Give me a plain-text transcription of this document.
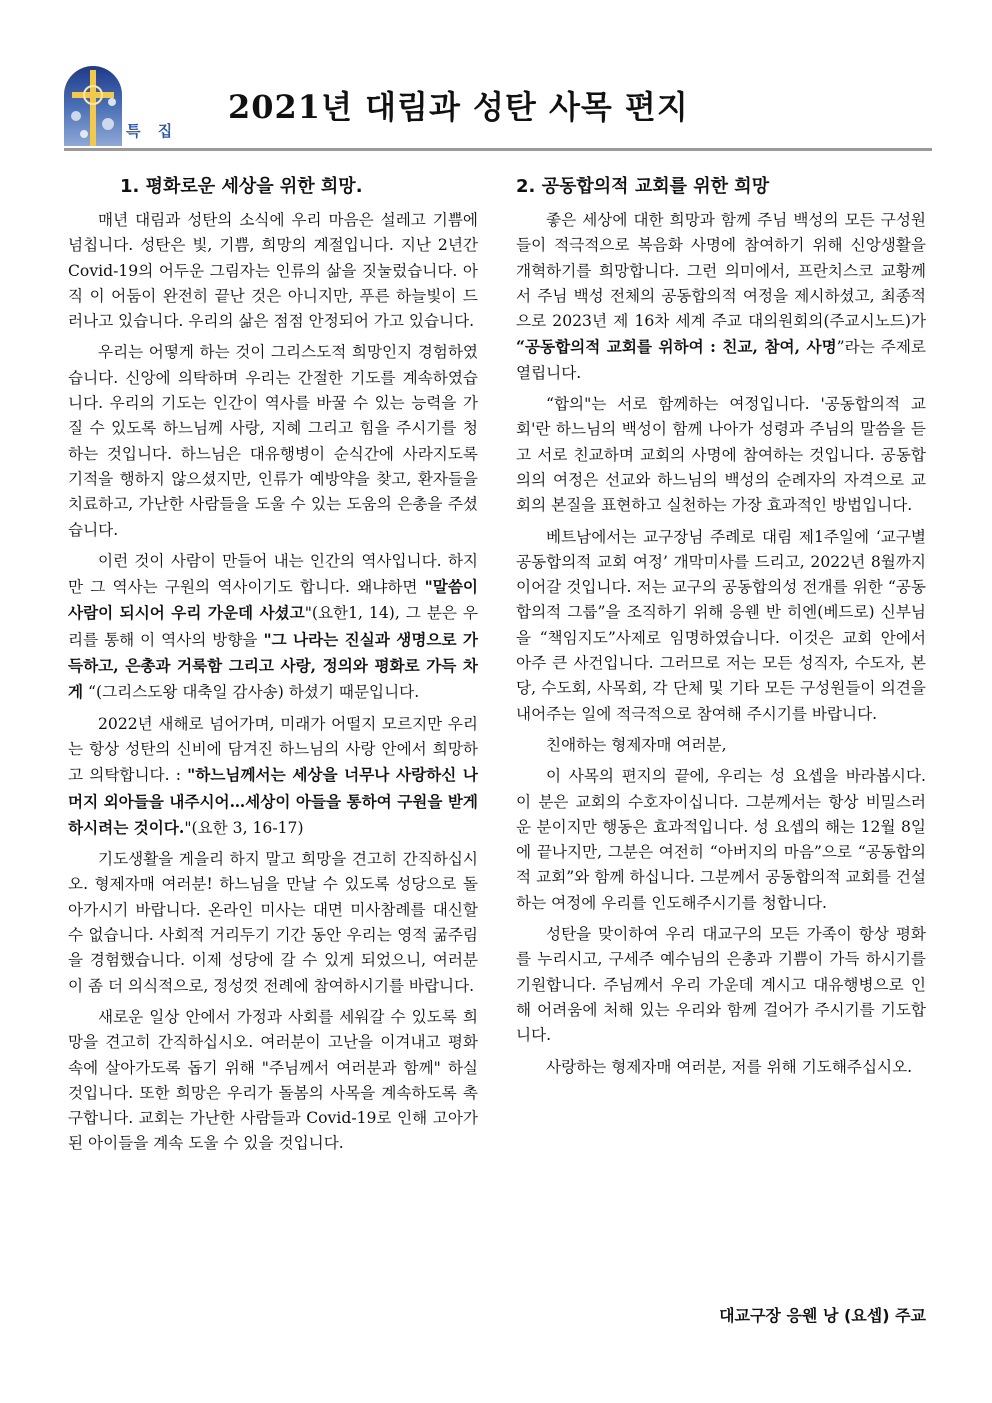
특 집
2021년 대림과 성탄 사목 편지
1. 평화로운 세상을 위한 희망.

매년 대림과 성탄의 소식에 우리 마음은 설레고 기쁨에 넘칩니다. 성탄은 빛, 기쁨, 희망의 계절입니다. 지난 2년간 Covid-19의 어두운 그림자는 인류의 삶을 짓눌렀습니다. 아직 이 어둠이 완전히 끝난 것은 아니지만, 푸른 하늘빛이 드러나고 있습니다. 우리의 삶은 점점 안정되어 가고 있습니다.

우리는 어떻게 하는 것이 그리스도적 희망인지 경험하였습니다. 신앙에 의탁하며 우리는 간절한 기도를 계속하였습니다. 우리의 기도는 인간이 역사를 바꿀 수 있는 능력을 가질 수 있도록 하느님께 사랑, 지혜 그리고 힘을 주시기를 청하는 것입니다. 하느님은 대유행병이 순식간에 사라지도록 기적을 행하지 않으셨지만, 인류가 예방약을 찾고, 환자들을 치료하고, 가난한 사람들을 도울 수 있는 도움의 은총을 주셨습니다.

이런 것이 사람이 만들어 내는 인간의 역사입니다. 하지만 그 역사는 구원의 역사이기도 합니다. 왜냐하면 "말씀이 사람이 되시어 우리 가운데 사셨고"(요한1, 14), 그 분은 우리를 통해 이 역사의 방향을 "그 나라는 진실과 생명으로 가득하고, 은총과 거룩함 그리고 사랑, 정의와 평화로 가득 차게 “(그리스도왕 대축일 감사송) 하셨기 때문입니다.

2022년 새해로 넘어가며, 미래가 어떨지 모르지만 우리는 항상 성탄의 신비에 담겨진 하느님의 사랑 안에서 희망하고 의탁합니다. : "하느님께서는 세상을 너무나 사랑하신 나머지 외아들을 내주시어…세상이 아들을 통하여 구원을 받게 하시려는 것이다."(요한 3, 16-17)

기도생활을 게을리 하지 말고 희망을 견고히 간직하십시오. 형제자매 여러분! 하느님을 만날 수 있도록 성당으로 돌아가시기 바랍니다. 온라인 미사는 대면 미사참례를 대신할 수 없습니다. 사회적 거리두기 기간 동안 우리는 영적 굶주림을 경험했습니다. 이제 성당에 갈 수 있게 되었으니, 여러분이 좀 더 의식적으로, 정성껏 전례에 참여하시기를 바랍니다.

새로운 일상 안에서 가정과 사회를 세워갈 수 있도록 희망을 견고히 간직하십시오. 여러분이 고난을 이겨내고 평화 속에 살아가도록 돕기 위해 "주님께서 여러분과 함께" 하실 것입니다. 또한 희망은 우리가 돌봄의 사목을 계속하도록 촉구합니다. 교회는 가난한 사람들과 Covid-19로 인해 고아가 된 아이들을 계속 도울 수 있을 것입니다.

2. 공동합의적 교회를 위한 희망

좋은 세상에 대한 희망과 함께 주님 백성의 모든 구성원들이 적극적으로 복음화 사명에 참여하기 위해 신앙생활을 개혁하기를 희망합니다. 그런 의미에서, 프란치스코 교황께서 주님 백성 전체의 공동합의적 여정을 제시하셨고, 최종적으로 2023년 제 16차 세계 주교 대의원회의(주교시노드)가 “공동합의적 교회를 위하여 : 친교, 참여, 사명”라는 주제로 열립니다.

“합의"는 서로 함께하는 여정입니다. '공동합의적 교회'란 하느님의 백성이 함께 나아가 성령과 주님의 말씀을 듣고 서로 친교하며 교회의 사명에 참여하는 것입니다. 공동합의의 여정은 선교와 하느님의 백성의 순례자의 자격으로 교회의 본질을 표현하고 실천하는 가장 효과적인 방법입니다.

베트남에서는 교구장님 주례로 대림 제1주일에 ‘교구별 공동합의적 교회 여정’ 개막미사를 드리고, 2022년 8월까지 이어갈 것입니다. 저는 교구의 공동합의성 전개를 위한 “공동합의적 그룹”을 조직하기 위해 응웬 반 히엔(베드로) 신부님을 “책임지도”사제로 임명하였습니다. 이것은 교회 안에서 아주 큰 사건입니다. 그러므로 저는 모든 성직자, 수도자, 본당, 수도회, 사목회, 각 단체 및 기타 모든 구성원들이 의견을 내어주는 일에 적극적으로 참여해 주시기를 바랍니다.

친애하는 형제자매 여러분,

이 사목의 편지의 끝에, 우리는 성 요셉을 바라봅시다. 이 분은 교회의 수호자이십니다. 그분께서는 항상 비밀스러운 분이지만 행동은 효과적입니다. 성 요셉의 해는 12월 8일에 끝나지만, 그분은 여전히 “아버지의 마음”으로 “공동합의적 교회”와 함께 하십니다. 그분께서 공동합의적 교회를 건설하는 여정에 우리를 인도해주시기를 청합니다.

성탄을 맞이하여 우리 대교구의 모든 가족이 항상 평화를 누리시고, 구세주 예수님의 은총과 기쁨이 가득 하시기를 기원합니다. 주님께서 우리 가운데 계시고 대유행병으로 인해 어려움에 처해 있는 우리와 함께 걸어가 주시기를 기도합니다.

사랑하는 형제자매 여러분, 저를 위해 기도해주십시오.

대교구장 응웬 낭 (요셉) 주교
